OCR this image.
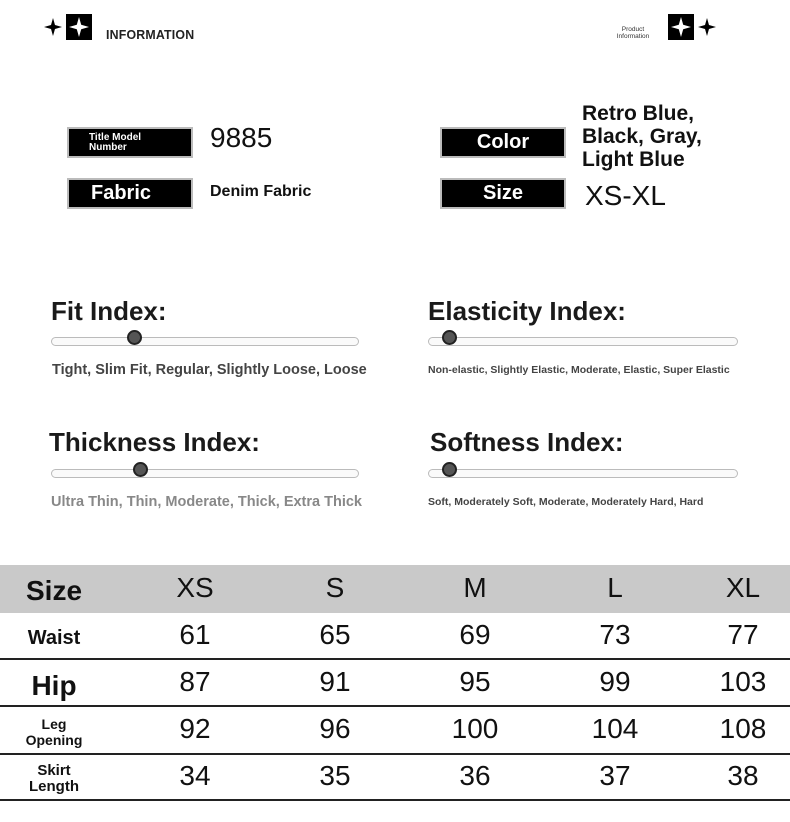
INFORMATION	Product
Information
Title Model
Number	9885
Fabric	Denim Fabric
Color
Retro Blue,
Black, Gray,
Light Blue
Size	XS-XL
Fit Index:
Tight, Slim Fit, Regular, Slightly Loose, Loose
Elasticity Index:
Non-elastic, Slightly Elastic, Moderate, Elastic, Super Elastic
Thickness Index:
Ultra Thin, Thin, Moderate, Thick, Extra Thick
Softness Index:
Soft, Moderately Soft, Moderate, Moderately Hard, Hard
Size	XS	S	M	L	XL
Waist	61	65	69	73	77
Hip	87	91	95	99	103
Leg
Opening	92	96	100	104	108
Skirt
Length	34	35	36	37	38
